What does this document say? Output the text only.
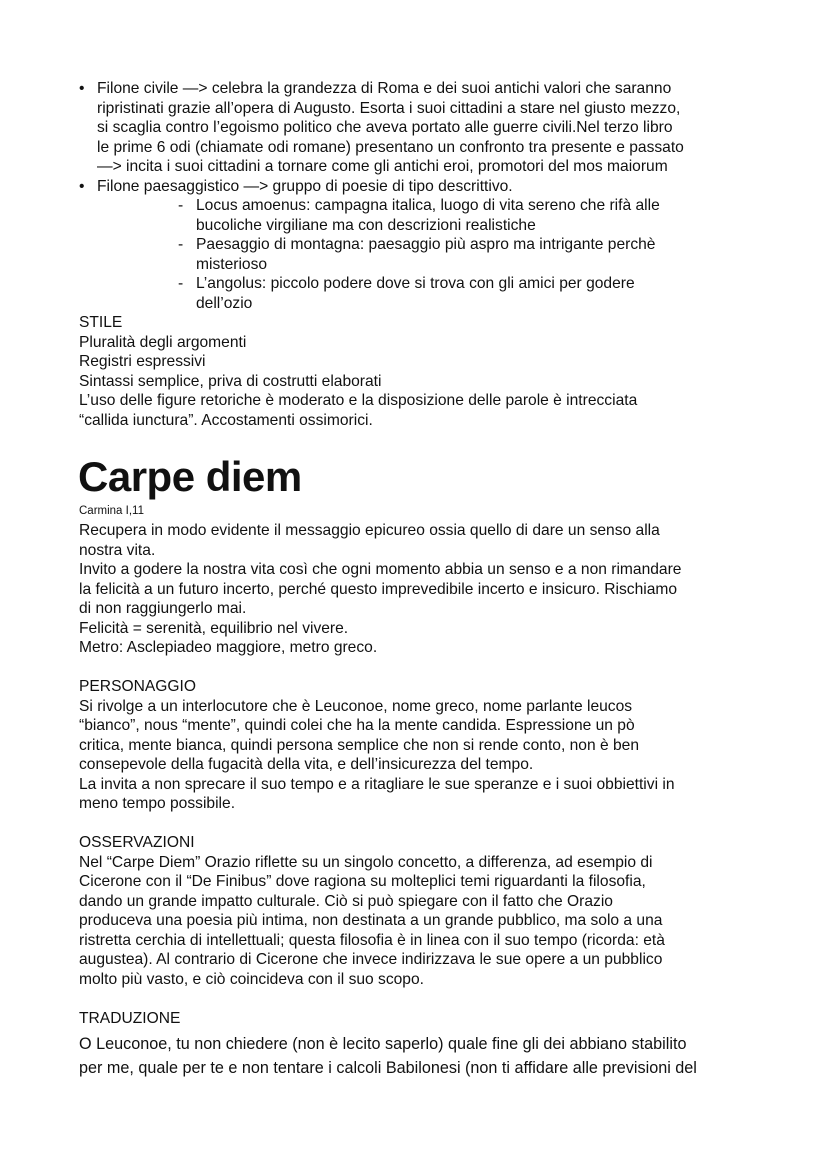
• Filone civile —> celebra la grandezza di Roma e dei suoi antichi valori che saranno
ripristinati grazie all’opera di Augusto. Esorta i suoi cittadini a stare nel giusto mezzo,
si scaglia contro l’egoismo politico che aveva portato alle guerre civili.Nel terzo libro
le prime 6 odi (chiamate odi romane) presentano un confronto tra presente e passato
—> incita i suoi cittadini a tornare come gli antichi eroi, promotori del mos maiorum
• Filone paesaggistico —> gruppo di poesie di tipo descrittivo.
- Locus amoenus: campagna italica, luogo di vita sereno che rifà alle
bucoliche virgiliane ma con descrizioni realistiche
- Paesaggio di montagna: paesaggio più aspro ma intrigante perchè
misterioso
- L’angolus: piccolo podere dove si trova con gli amici per godere
dell’ozio
STILE
Pluralità degli argomenti
Registri espressivi
Sintassi semplice, priva di costrutti elaborati
L’uso delle figure retoriche è moderato e la disposizione delle parole è intrecciata
“callida iunctura”. Accostamenti ossimorici.
Carpe diem
Carmina I,11
Recupera in modo evidente il messaggio epicureo ossia quello di dare un senso alla
nostra vita.
Invito a godere la nostra vita così che ogni momento abbia un senso e a non rimandare
la felicità a un futuro incerto, perché questo imprevedibile incerto e insicuro. Rischiamo
di non raggiungerlo mai.
Felicità = serenità, equilibrio nel vivere.
Metro: Asclepiadeo maggiore, metro greco.
PERSONAGGIO
Si rivolge a un interlocutore che è Leuconoe, nome greco, nome parlante leucos
“bianco”, nous “mente”, quindi colei che ha la mente candida. Espressione un pò
critica, mente bianca, quindi persona semplice che non si rende conto, non è ben
consepevole della fugacità della vita, e dell’insicurezza del tempo.
La invita a non sprecare il suo tempo e a ritagliare le sue speranze e i suoi obbiettivi in
meno tempo possibile.
OSSERVAZIONI
Nel “Carpe Diem” Orazio riflette su un singolo concetto, a differenza, ad esempio di
Cicerone con il “De Finibus” dove ragiona su molteplici temi riguardanti la filosofia,
dando un grande impatto culturale. Ciò si può spiegare con il fatto che Orazio
produceva una poesia più intima, non destinata a un grande pubblico, ma solo a una
ristretta cerchia di intellettuali; questa filosofia è in linea con il suo tempo (ricorda: età
augustea). Al contrario di Cicerone che invece indirizzava le sue opere a un pubblico
molto più vasto, e ciò coincideva con il suo scopo.
TRADUZIONE
O Leuconoe, tu non chiedere (non è lecito saperlo) quale fine gli dei abbiano stabilito
per me, quale per te e non tentare i calcoli Babilonesi (non ti affidare alle previsioni del
